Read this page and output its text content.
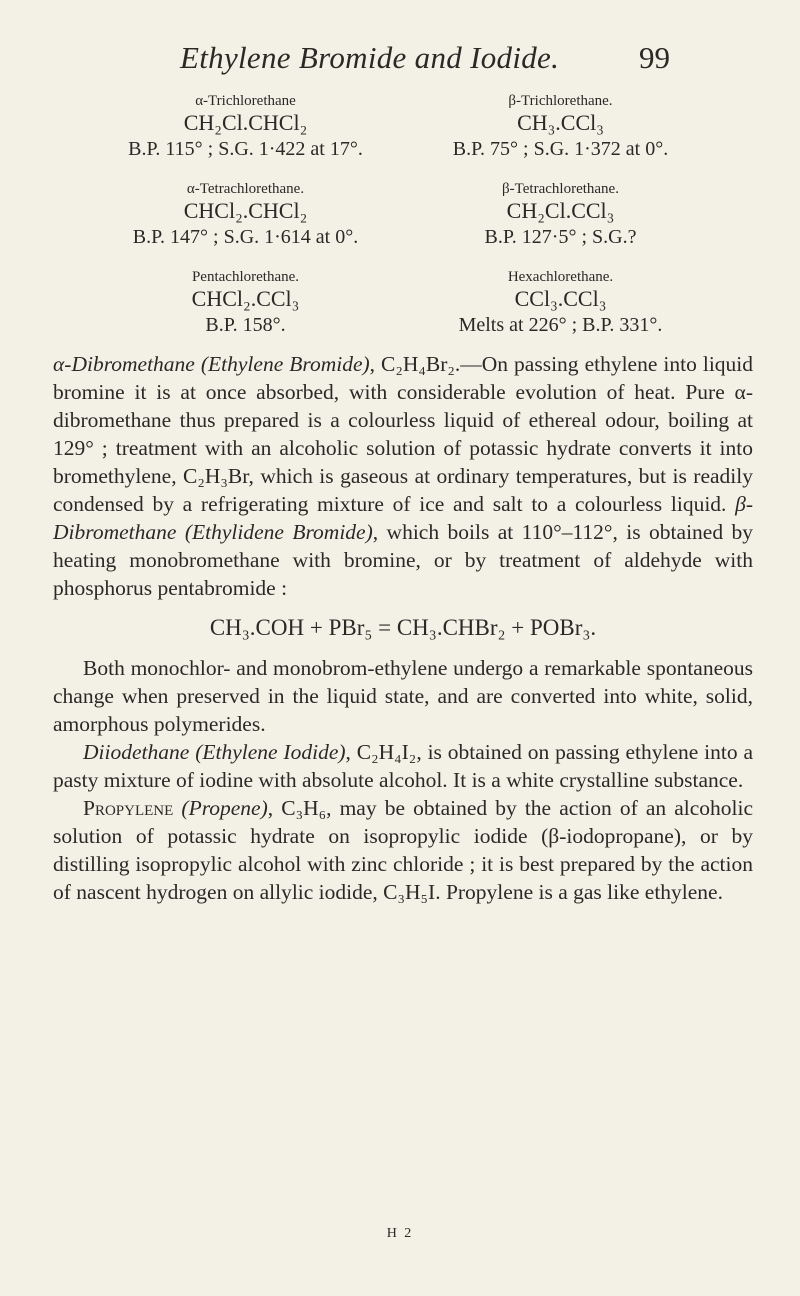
Ethylene Bromide and Iodide.	99
α-Trichlorethane
CH₂Cl.CHCl₂
B.P. 115° ; S.G. 1·422 at 17°.
β-Trichlorethane.
CH₃.CCl₃
B.P. 75° ; S.G. 1·372 at 0°.
α-Tetrachlorethane.
CHCl₂.CHCl₂
B.P. 147° ; S.G. 1·614 at 0°.
β-Tetrachlorethane.
CH₂Cl.CCl₃
B.P. 127·5° ; S.G.?
Pentachlorethane.
CHCl₂.CCl₃
B.P. 158°.
Hexachlorethane.
CCl₃.CCl₃
Melts at 226° ; B.P. 331°.

α-Dibromethane (Ethylene Bromide), C₂H₄Br₂.—On passing ethylene into liquid bromine it is at once absorbed, with considerable evolution of heat. Pure α-dibromethane thus prepared is a colourless liquid of ethereal odour, boiling at 129° ; treatment with an alcoholic solution of potassic hydrate converts it into bromethylene, C₂H₃Br, which is gaseous at ordinary temperatures, but is readily condensed by a refrigerating mixture of ice and salt to a colourless liquid. β-Dibromethane (Ethylidene Bromide), which boils at 110°–112°, is obtained by heating monobromethane with bromine, or by treatment of aldehyde with phosphorus pentabromide :

CH₃.COH + PBr₅ = CH₃.CHBr₂ + POBr₃.

Both monochlor- and monobrom-ethylene undergo a remarkable spontaneous change when preserved in the liquid state, and are converted into white, solid, amorphous polymerides.

Diiodethane (Ethylene Iodide), C₂H₄I₂, is obtained on passing ethylene into a pasty mixture of iodine with absolute alcohol. It is a white crystalline substance.

Propylene (Propene), C₃H₆, may be obtained by the action of an alcoholic solution of potassic hydrate on isopropylic iodide (β-iodopropane), or by distilling isopropylic alcohol with zinc chloride ; it is best prepared by the action of nascent hydrogen on allylic iodide, C₃H₅I. Propylene is a gas like ethylene.

H 2
